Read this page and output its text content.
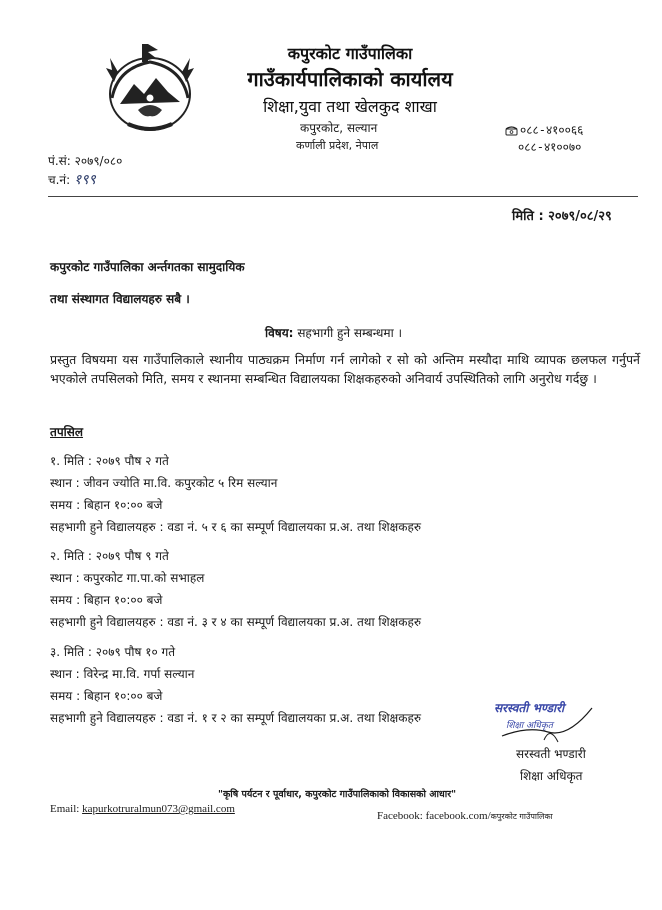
कपुरकोट गाउँपालिका
गाउँकार्यपालिकाको कार्यालय
शिक्षा,युवा तथा खेलकुद शाखा
कपुरकोट, सल्यान
कर्णाली प्रदेश, नेपाल
०८८-४१००६६
०८८-४१००७०
पं.सं: २०७९/०८०
च.नं: १९९
मिति : २०७९/०८/२९
कपुरकोट गाउँपालिका अर्न्तगतका सामुदायिक
तथा संस्थागत विद्यालयहरु सबै ।
विषय: सहभागी हुने सम्बन्धमा ।
प्रस्तुत विषयमा यस गाउँपालिकाले स्थानीय पाठ्यक्रम निर्माण गर्न लागेको र सो को अन्तिम मस्यौदा माथि व्यापक छलफल गर्नुपर्ने भएकोले तपसिलको मिति, समय र स्थानमा सम्बन्धित विद्यालयका शिक्षकहरुको अनिवार्य उपस्थितिको लागि अनुरोध गर्दछु ।
तपसिल
१. मिति : २०७९ पौष २ गते
स्थान : जीवन ज्योति मा.वि. कपुरकोट ५ रिम सल्यान
समय : बिहान १०:०० बजे
सहभागी हुने विद्यालयहरु : वडा नं. ५ र ६ का सम्पूर्ण विद्यालयका प्र.अ. तथा शिक्षकहरु
२. मिति : २०७९ पौष ९ गते
स्थान : कपुरकोट गा.पा.को सभाहल
समय : बिहान १०:०० बजे
सहभागी हुने विद्यालयहरु : वडा नं. ३ र ४ का सम्पूर्ण विद्यालयका प्र.अ. तथा शिक्षकहरु
३. मिति : २०७९ पौष १० गते
स्थान : विरेन्द्र मा.वि. गर्पा सल्यान
समय : बिहान १०:०० बजे
सहभागी हुने विद्यालयहरु : वडा नं. १ र २ का सम्पूर्ण विद्यालयका प्र.अ. तथा शिक्षकहरु
सरस्वती भण्डारी
शिक्षा अधिकृत
सरस्वती भण्डारी
शिक्षा अधिकृत
"कृषि पर्यटन र पूर्वाधार, कपुरकोट गाउँपालिकाको विकासको आधार"
Email: kapurkotruralmun073@gmail.com
Facebook: facebook.com/कपुरकोट गाउँपालिका
